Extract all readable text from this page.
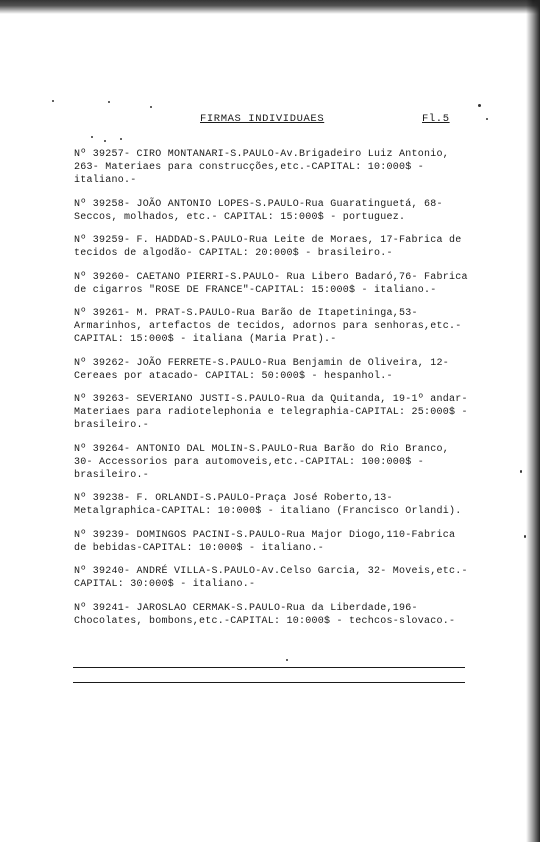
FIRMAS INDIVIDUAES	Fl.5

Nº 39257- CIRO MONTANARI-S.PAULO-Av.Brigadeiro Luiz Antonio, 263- Materiaes para construcções,etc.-CAPITAL: 10:000$ - italiano.-

Nº 39258- JOÃO ANTONIO LOPES-S.PAULO-Rua Guaratinguetá, 68- Seccos, molhados, etc.- CAPITAL: 15:000$ - portuguez.

Nº 39259- F. HADDAD-S.PAULO-Rua Leite de Moraes, 17-Fabrica de tecidos de algodão- CAPITAL: 20:000$ - brasileiro.-

Nº 39260- CAETANO PIERRI-S.PAULO- Rua Libero Badaró,76- Fabrica de cigarros "ROSE DE FRANCE"-CAPITAL: 15:000$ - italiano.-

Nº 39261- M. PRAT-S.PAULO-Rua Barão de Itapetininga,53- Armarinhos, artefactos de tecidos, adornos para senhoras,etc.- CAPITAL: 15:000$ - italiana (Maria Prat).-

Nº 39262- JOÃO FERRETE-S.PAULO-Rua Benjamin de Oliveira, 12- Cereaes por atacado- CAPITAL: 50:000$ - hespanhol.-

Nº 39263- SEVERIANO JUSTI-S.PAULO-Rua da Quitanda, 19-1º andar- Materiaes para radiotelephonia e telegraphia-CAPITAL: 25:000$ - brasileiro.-

Nº 39264- ANTONIO DAL MOLIN-S.PAULO-Rua Barão do Rio Branco, 30- Accessorios para automoveis,etc.-CAPITAL: 100:000$ - brasileiro.-

Nº 39238- F. ORLANDI-S.PAULO-Praça José Roberto,13-Metalgraphica-CAPITAL: 10:000$ - italiano (Francisco Orlandi).

Nº 39239- DOMINGOS PACINI-S.PAULO-Rua Major Diogo,110-Fabrica de bebidas-CAPITAL: 10:000$ - italiano.-

Nº 39240- ANDRÉ VILLA-S.PAULO-Av.Celso Garcia, 32- Moveis,etc.-CAPITAL: 30:000$ - italiano.-

Nº 39241- JAROSLAO CERMAK-S.PAULO-Rua da Liberdade,196- Chocolates, bombons,etc.-CAPITAL: 10:000$ - techcos-slovaco.-
